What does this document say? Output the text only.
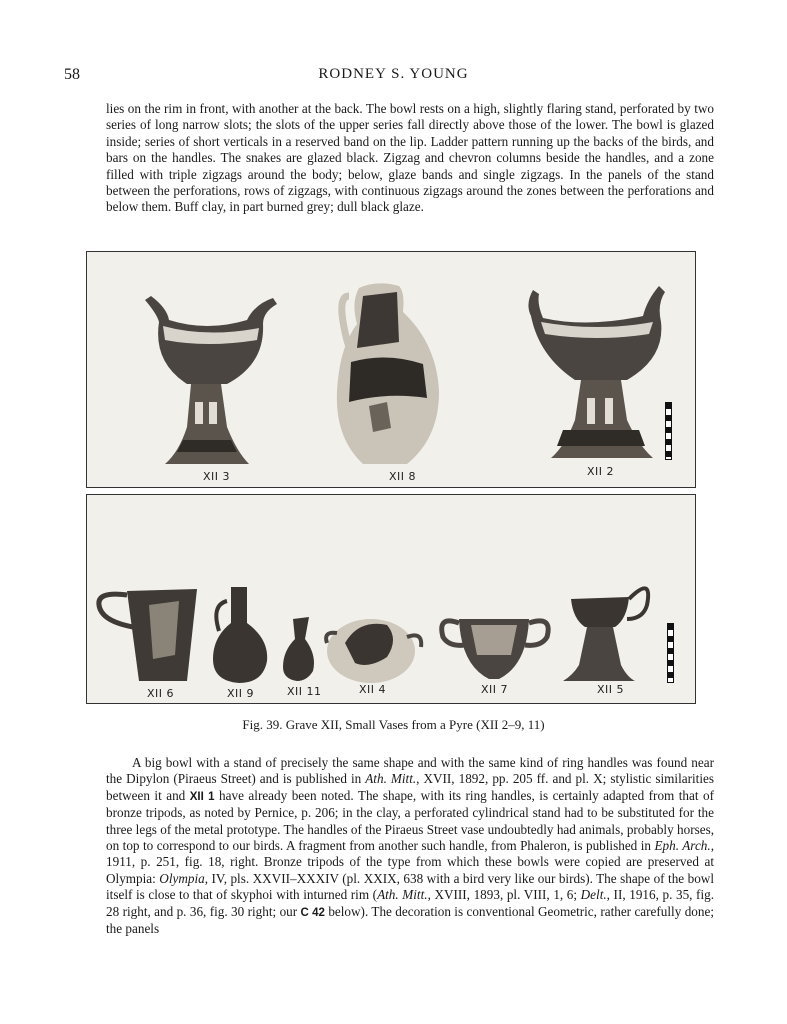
58	RODNEY S. YOUNG

lies on the rim in front, with another at the back. The bowl rests on a high, slightly flaring stand, perforated by two series of long narrow slots; the slots of the upper series fall directly above those of the lower. The bowl is glazed inside; series of short verticals in a reserved band on the lip. Ladder pattern running up the backs of the birds, and bars on the handles. The snakes are glazed black. Zigzag and chevron columns beside the handles, and a zone filled with triple zigzags around the body; below, glaze bands and single zigzags. In the panels of the stand between the perforations, rows of zigzags, with continuous zigzags around the zones between the perforations and below them. Buff clay, in part burned grey; dull black glaze.

XII 3	XII 8	XII 2
XII 6	XII 9	XII 11	XII 4	XII 7	XII 5
Fig. 39. Grave XII, Small Vases from a Pyre (XII 2–9, 11)

A big bowl with a stand of precisely the same shape and with the same kind of ring handles was found near the Dipylon (Piraeus Street) and is published in Ath. Mitt., XVII, 1892, pp. 205 ff. and pl. X; stylistic similarities between it and XII 1 have already been noted. The shape, with its ring handles, is certainly adapted from that of bronze tripods, as noted by Pernice, p. 206; in the clay, a perforated cylindrical stand had to be substituted for the three legs of the metal prototype. The handles of the Piraeus Street vase undoubtedly had animals, probably horses, on top to correspond to our birds. A fragment from another such handle, from Phaleron, is published in Eph. Arch., 1911, p. 251, fig. 18, right. Bronze tripods of the type from which these bowls were copied are preserved at Olympia: Olympia, IV, pls. XXVII–XXXIV (pl. XXIX, 638 with a bird very like our birds). The shape of the bowl itself is close to that of skyphoi with inturned rim (Ath. Mitt., XVIII, 1893, pl. VIII, 1, 6; Delt., II, 1916, p. 35, fig. 28 right, and p. 36, fig. 30 right; our C 42 below). The decoration is conventional Geometric, rather carefully done; the panels
